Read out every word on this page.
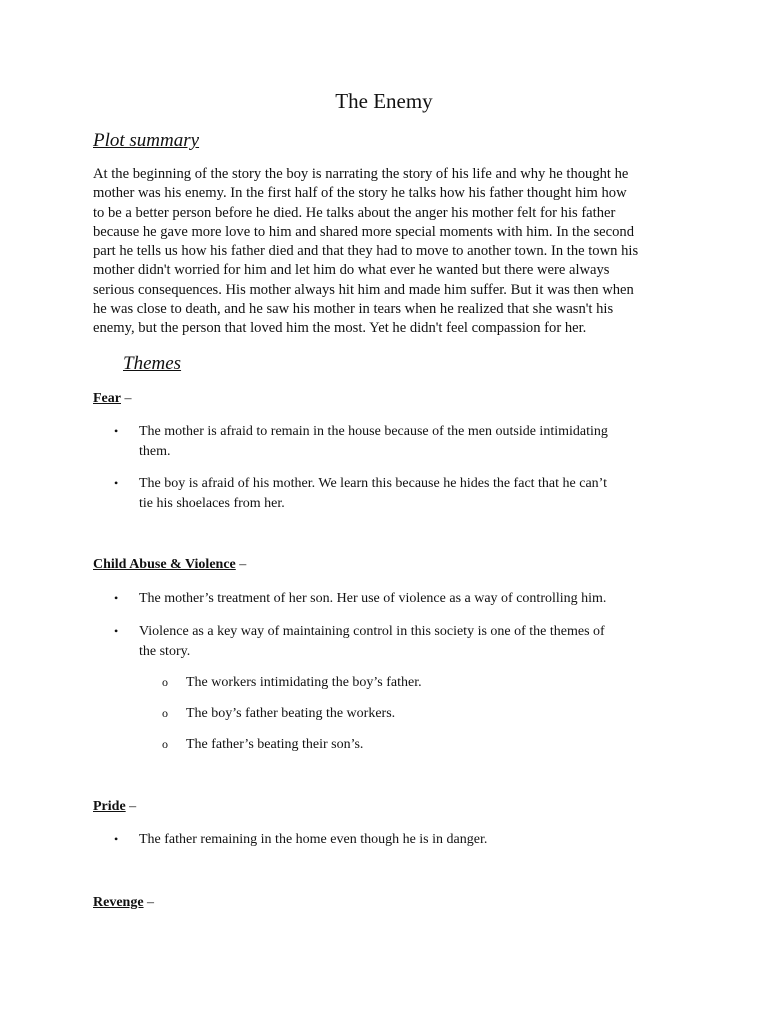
The Enemy
Plot summary
At the beginning of the story the boy is narrating the story of his life and why he thought he
mother was his enemy. In the first half of the story he talks how his father thought him how
to be a better person before he died. He talks about the anger his mother felt for his father
because he gave more love to him and shared more special moments with him. In the second
part he tells us how his father died and that they had to move to another town. In the town his
mother didn't worried for him and let him do what ever he wanted but there were always
serious consequences. His mother always hit him and made him suffer. But it was then when
he was close to death, and he saw his mother in tears when he realized that she wasn't his
enemy, but the person that loved him the most. Yet he didn't feel compassion for her.
Themes
Fear –
• The mother is afraid to remain in the house because of the men outside intimidating
them.
• The boy is afraid of his mother. We learn this because he hides the fact that he can’t
tie his shoelaces from her.
Child Abuse & Violence –
• The mother’s treatment of her son. Her use of violence as a way of controlling him.
• Violence as a key way of maintaining control in this society is one of the themes of
the story.
o The workers intimidating the boy’s father.
o The boy’s father beating the workers.
o The father’s beating their son’s.
Pride –
• The father remaining in the home even though he is in danger.
Revenge –
